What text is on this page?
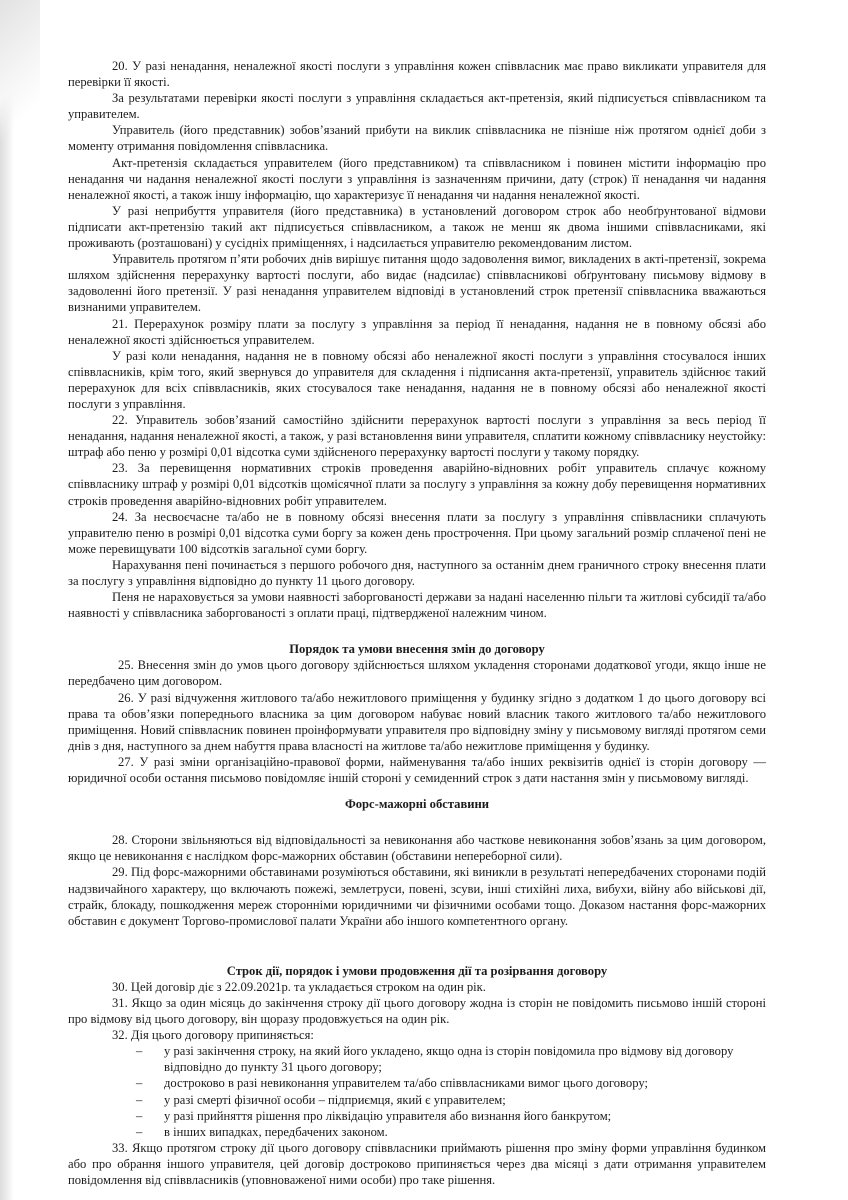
20. У разі ненадання, неналежної якості послуги з управління кожен співвласник має право викликати управителя для перевірки її якості.

За результатами перевірки якості послуги з управління складається акт-претензія, який підписується співвласником та управителем.

Управитель (його представник) зобов’язаний прибути на виклик співвласника не пізніше ніж протягом однієї доби з моменту отримання повідомлення співвласника.

Акт-претензія складається управителем (його представником) та співвласником і повинен містити інформацію про ненадання чи надання неналежної якості послуги з управління із зазначенням причини, дату (строк) її ненадання чи надання неналежної якості, а також іншу інформацію, що характеризує її ненадання чи надання неналежної якості.

У разі неприбуття управителя (його представника) в установлений договором строк або необґрунтованої відмови підписати акт-претензію такий акт підписується співвласником, а також не менш як двома іншими співвласниками, які проживають (розташовані) у сусідніх приміщеннях, і надсилається управителю рекомендованим листом.

Управитель протягом п’яти робочих днів вирішує питання щодо задоволення вимог, викладених в акті-претензії, зокрема шляхом здійснення перерахунку вартості послуги, або видає (надсилає) співвласникові обґрунтовану письмову відмову в задоволенні його претензії. У разі ненадання управителем відповіді в установлений строк претензії співвласника вважаються визнаними управителем.

21. Перерахунок розміру плати за послугу з управління за період її ненадання, надання не в повному обсязі або неналежної якості здійснюється управителем.

У разі коли ненадання, надання не в повному обсязі або неналежної якості послуги з управління стосувалося інших співвласників, крім того, який звернувся до управителя для складення і підписання акта-претензії, управитель здійснює такий перерахунок для всіх співвласників, яких стосувалося таке ненадання, надання не в повному обсязі або неналежної якості послуги з управління.

22. Управитель зобов’язаний самостійно здійснити перерахунок вартості послуги з управління за весь період її ненадання, надання неналежної якості, а також, у разі встановлення вини управителя, сплатити кожному співвласнику неустойку: штраф або пеню у розмірі 0,01 відсотка суми здійсненого перерахунку вартості послуги у такому порядку.

23. За перевищення нормативних строків проведення аварійно-відновних робіт управитель сплачує кожному співвласнику штраф у розмірі 0,01 відсотків щомісячної плати за послугу з управління за кожну добу перевищення нормативних строків проведення аварійно-відновних робіт управителем.

24. За несвоєчасне та/або не в повному обсязі внесення плати за послугу з управління співвласники сплачують управителю пеню в розмірі 0,01 відсотка суми боргу за кожен день прострочення. При цьому загальний розмір сплаченої пені не може перевищувати 100 відсотків загальної суми боргу.

Нарахування пені починається з першого робочого дня, наступного за останнім днем граничного строку внесення плати за послугу з управління відповідно до пункту 11 цього договору.

Пеня не нараховується за умови наявності заборгованості держави за надані населенню пільги та житлові субсидії та/або наявності у співвласника заборгованості з оплати праці, підтвердженої належним чином.

Порядок та умови внесення змін до договору

25. Внесення змін до умов цього договору здійснюється шляхом укладення сторонами додаткової угоди, якщо інше не передбачено цим договором.

26. У разі відчуження житлового та/або нежитлового приміщення у будинку згідно з додатком 1 до цього договору всі права та обов’язки попереднього власника за цим договором набуває новий власник такого житлового та/або нежитлового приміщення. Новий співвласник повинен проінформувати управителя про відповідну зміну у письмовому вигляді протягом семи днів з дня, наступного за днем набуття права власності на житлове та/або нежитлове приміщення у будинку.

27. У разі зміни організаційно-правової форми, найменування та/або інших реквізитів однієї із сторін договору — юридичної особи остання письмово повідомляє іншій стороні у семиденний строк з дати настання змін у письмовому вигляді.

Форс-мажорні обставини

28. Сторони звільняються від відповідальності за невиконання або часткове невиконання зобов’язань за цим договором, якщо це невиконання є наслідком форс-мажорних обставин (обставини непереборної сили).

29. Під форс-мажорними обставинами розуміються обставини, які виникли в результаті непередбачених сторонами подій надзвичайного характеру, що включають пожежі, землетруси, повені, зсуви, інші стихійні лиха, вибухи, війну або військові дії, страйк, блокаду, пошкодження мереж сторонніми юридичними чи фізичними особами тощо. Доказом настання форс-мажорних обставин є документ Торгово-промислової палати України або іншого компетентного органу.

Строк дії, порядок і умови продовження дії та розірвання договору

30. Цей договір діє з 22.09.2021р. та укладається строком на один рік.

31. Якщо за один місяць до закінчення строку дії цього договору жодна із сторін не повідомить письмово іншій стороні про відмову від цього договору, він щоразу продовжується на один рік.

32. Дія цього договору припиняється:

– у разі закінчення строку, на який його укладено, якщо одна із сторін повідомила про відмову від договору відповідно до пункту 31 цього договору;
– достроково в разі невиконання управителем та/або співвласниками вимог цього договору;
– у разі смерті фізичної особи – підприємця, який є управителем;
– у разі прийняття рішення про ліквідацію управителя або визнання його банкрутом;
– в інших випадках, передбачених законом.

33. Якщо протягом строку дії цього договору співвласники приймають рішення про зміну форми управління будинком або про обрання іншого управителя, цей договір достроково припиняється через два місяці з дати отримання управителем повідомлення від співвласників (уповноваженої ними особи) про таке рішення.
